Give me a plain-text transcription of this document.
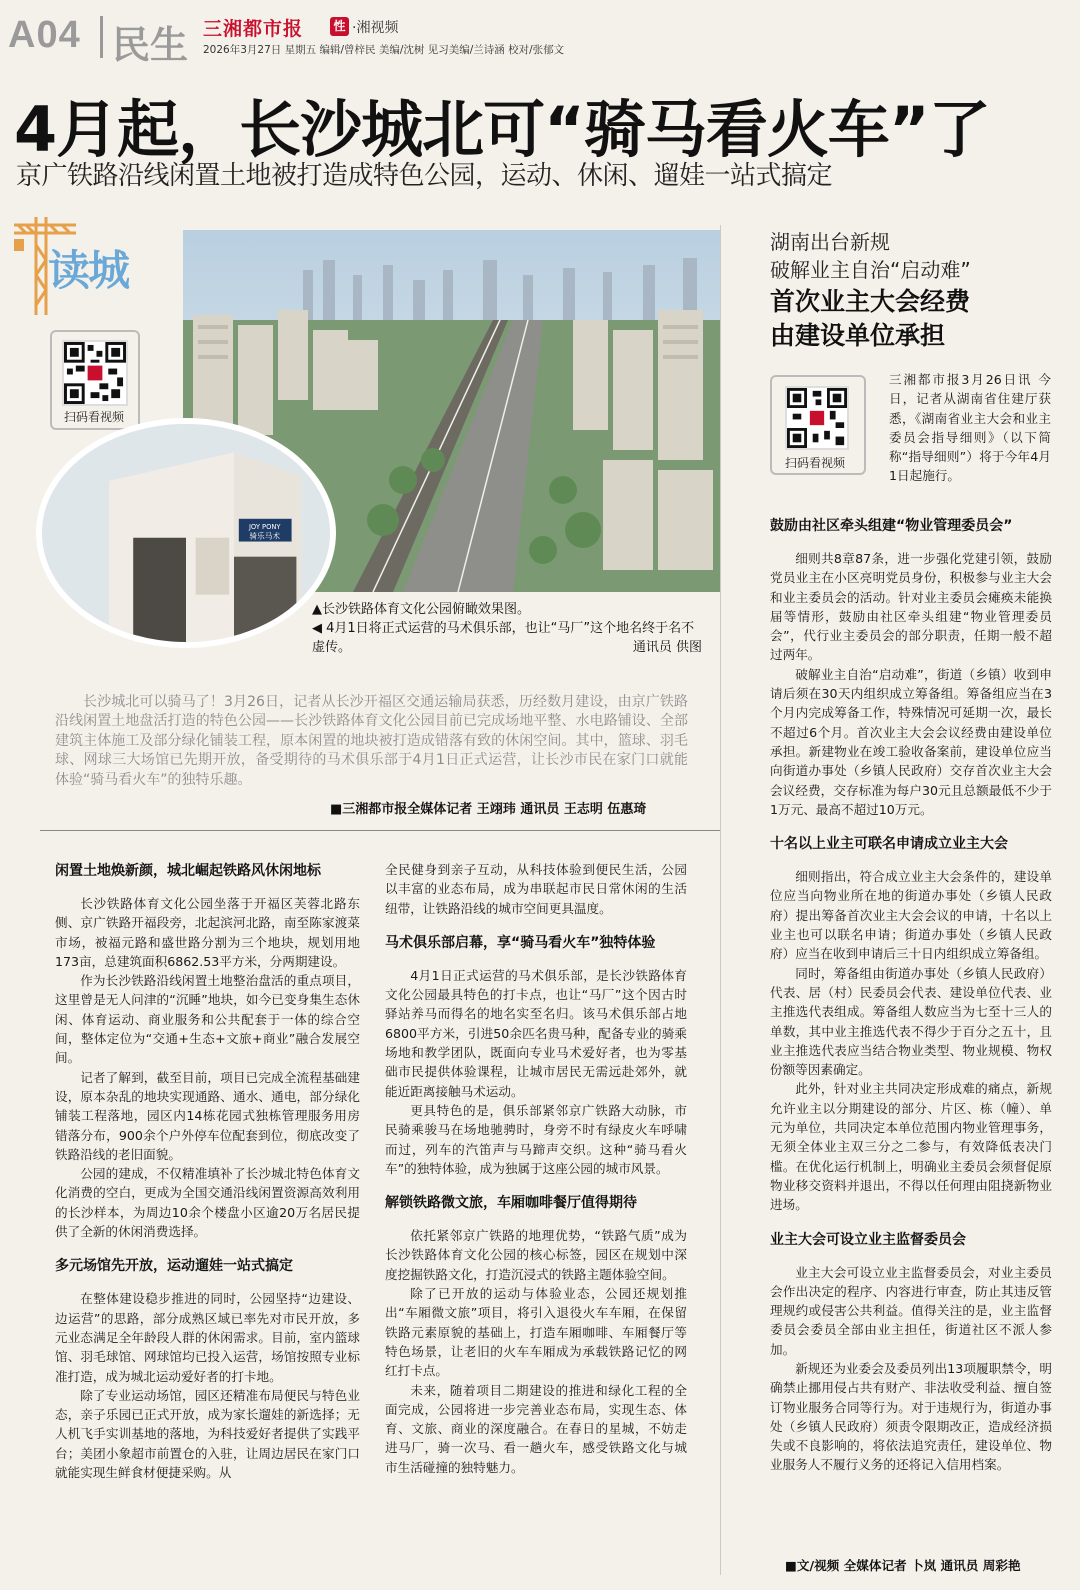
A04 民生 三湘都市报	性 ·湘视频
2026年3月27日 星期五 编辑/曾梓民 美编/沈树 见习美编/兰诗涵 校对/张郁文
4月起，长沙城北可“骑马看火车”了
京广铁路沿线闲置土地被打造成特色公园，运动、休闲、遛娃一站式搞定
读城
扫码看视频
JOY PONY
骑乐马术
▲长沙铁路体育文化公园俯瞰效果图。
◀ 4月1日将正式运营的马术俱乐部，也让“马厂”这个地名终于名不虚传。	通讯员 供图

长沙城北可以骑马了！3月26日，记者从长沙开福区交通运输局获悉，历经数月建设，由京广铁路沿线闲置土地盘活打造的特色公园——长沙铁路体育文化公园目前已完成场地平整、水电路铺设、全部建筑主体施工及部分绿化铺装工程，原本闲置的地块被打造成错落有致的休闲空间。其中，篮球、羽毛球、网球三大场馆已先期开放，备受期待的马术俱乐部于4月1日正式运营，让长沙市民在家门口就能体验“骑马看火车”的独特乐趣。

■三湘都市报全媒体记者 王翊玮 通讯员 王志明 伍惠琦
闲置土地焕新颜，城北崛起铁路风休闲地标

长沙铁路体育文化公园坐落于开福区芙蓉北路东侧、京广铁路开福段旁，北起滨河北路，南至陈家渡菜市场，被福元路和盛世路分割为三个地块，规划用地173亩，总建筑面积6862.53平方米，分两期建设。

作为长沙铁路沿线闲置土地整治盘活的重点项目，这里曾是无人问津的“沉睡”地块，如今已变身集生态休闲、体育运动、商业服务和公共配套于一体的综合空间，整体定位为“交通+生态+文旅+商业”融合发展空间。

记者了解到，截至目前，项目已完成全流程基础建设，原本杂乱的地块实现通路、通水、通电，部分绿化铺装工程落地，园区内14栋花园式独栋管理服务用房错落分布，900余个户外停车位配套到位，彻底改变了铁路沿线的老旧面貌。

公园的建成，不仅精准填补了长沙城北特色体育文化消费的空白，更成为全国交通沿线闲置资源高效利用的长沙样本，为周边10余个楼盘小区逾20万名居民提供了全新的休闲消费选择。

多元场馆先开放，运动遛娃一站式搞定

在整体建设稳步推进的同时，公园坚持“边建设、边运营”的思路，部分成熟区域已率先对市民开放，多元业态满足全年龄段人群的休闲需求。目前，室内篮球馆、羽毛球馆、网球馆均已投入运营，场馆按照专业标准打造，成为城北运动爱好者的打卡地。

除了专业运动场馆，园区还精准布局便民与特色业态，亲子乐园已正式开放，成为家长遛娃的新选择；无人机飞手实训基地的落地，为科技爱好者提供了实践平台；美团小象超市前置仓的入驻，让周边居民在家门口就能实现生鲜食材便捷采购。从

全民健身到亲子互动，从科技体验到便民生活，公园以丰富的业态布局，成为串联起市民日常休闲的生活纽带，让铁路沿线的城市空间更具温度。

马术俱乐部启幕，享“骑马看火车”独特体验

4月1日正式运营的马术俱乐部，是长沙铁路体育文化公园最具特色的打卡点，也让“马厂”这个因古时驿站养马而得名的地名实至名归。该马术俱乐部占地6800平方米，引进50余匹名贵马种，配备专业的骑乘场地和教学团队，既面向专业马术爱好者，也为零基础市民提供体验课程，让城市居民无需远赴郊外，就能近距离接触马术运动。

更具特色的是，俱乐部紧邻京广铁路大动脉，市民骑乘骏马在场地驰骋时，身旁不时有绿皮火车呼啸而过，列车的汽笛声与马蹄声交织。这种“骑马看火车”的独特体验，成为独属于这座公园的城市风景。

解锁铁路微文旅，车厢咖啡餐厅值得期待

依托紧邻京广铁路的地理优势，“铁路气质”成为长沙铁路体育文化公园的核心标签，园区在规划中深度挖掘铁路文化，打造沉浸式的铁路主题体验空间。

除了已开放的运动与体验业态，公园还规划推出“车厢微文旅”项目，将引入退役火车车厢，在保留铁路元素原貌的基础上，打造车厢咖啡、车厢餐厅等特色场景，让老旧的火车车厢成为承载铁路记忆的网红打卡点。

未来，随着项目二期建设的推进和绿化工程的全面完成，公园将进一步完善业态布局，实现生态、体育、文旅、商业的深度融合。在春日的星城，不妨走进马厂，骑一次马、看一趟火车，感受铁路文化与城市生活碰撞的独特魅力。

湖南出台新规
破解业主自治“启动难”
首次业主大会经费
由建设单位承担
扫码看视频
三湘都市报3月26日讯 今日，记者从湖南省住建厅获悉，《湖南省业主大会和业主委员会指导细则》（以下简称“指导细则”）将于今年4月1日起施行。
鼓励由社区牵头组建“物业管理委员会”

细则共8章87条，进一步强化党建引领，鼓励党员业主在小区亮明党员身份，积极参与业主大会和业主委员会的活动。针对业主委员会瘫痪未能换届等情形，鼓励由社区牵头组建“物业管理委员会”，代行业主委员会的部分职责，任期一般不超过两年。

破解业主自治“启动难”，街道（乡镇）收到申请后须在30天内组织成立筹备组。筹备组应当在3个月内完成筹备工作，特殊情况可延期一次，最长不超过6个月。首次业主大会会议经费由建设单位承担。新建物业在竣工验收备案前，建设单位应当向街道办事处（乡镇人民政府）交存首次业主大会会议经费，交存标准为每户30元且总额最低不少于1万元、最高不超过10万元。

十名以上业主可联名申请成立业主大会

细则指出，符合成立业主大会条件的，建设单位应当向物业所在地的街道办事处（乡镇人民政府）提出筹备首次业主大会会议的申请，十名以上业主也可以联名申请；街道办事处（乡镇人民政府）应当在收到申请后三十日内组织成立筹备组。

同时，筹备组由街道办事处（乡镇人民政府）代表、居（村）民委员会代表、建设单位代表、业主推选代表组成。筹备组人数应当为七至十三人的单数，其中业主推选代表不得少于百分之五十，且业主推选代表应当结合物业类型、物业规模、物权份额等因素确定。

此外，针对业主共同决定形成难的痛点，新规允许业主以分期建设的部分、片区、栋（幢）、单元为单位，共同决定本单位范围内物业管理事务，无须全体业主双三分之二参与，有效降低表决门槛。在优化运行机制上，明确业主委员会须督促原物业移交资料并退出，不得以任何理由阻挠新物业进场。

业主大会可设立业主监督委员会

业主大会可设立业主监督委员会，对业主委员会作出决定的程序、内容进行审查，防止其违反管理规约或侵害公共利益。值得关注的是，业主监督委员会委员全部由业主担任，街道社区不派人参加。

新规还为业委会及委员列出13项履职禁令，明确禁止挪用侵占共有财产、非法收受利益、擅自签订物业服务合同等行为。对于违规行为，街道办事处（乡镇人民政府）须责令限期改正，造成经济损失或不良影响的，将依法追究责任，建设单位、物业服务人不履行义务的还将记入信用档案。

■文/视频 全媒体记者 卜岚 通讯员 周彩艳
